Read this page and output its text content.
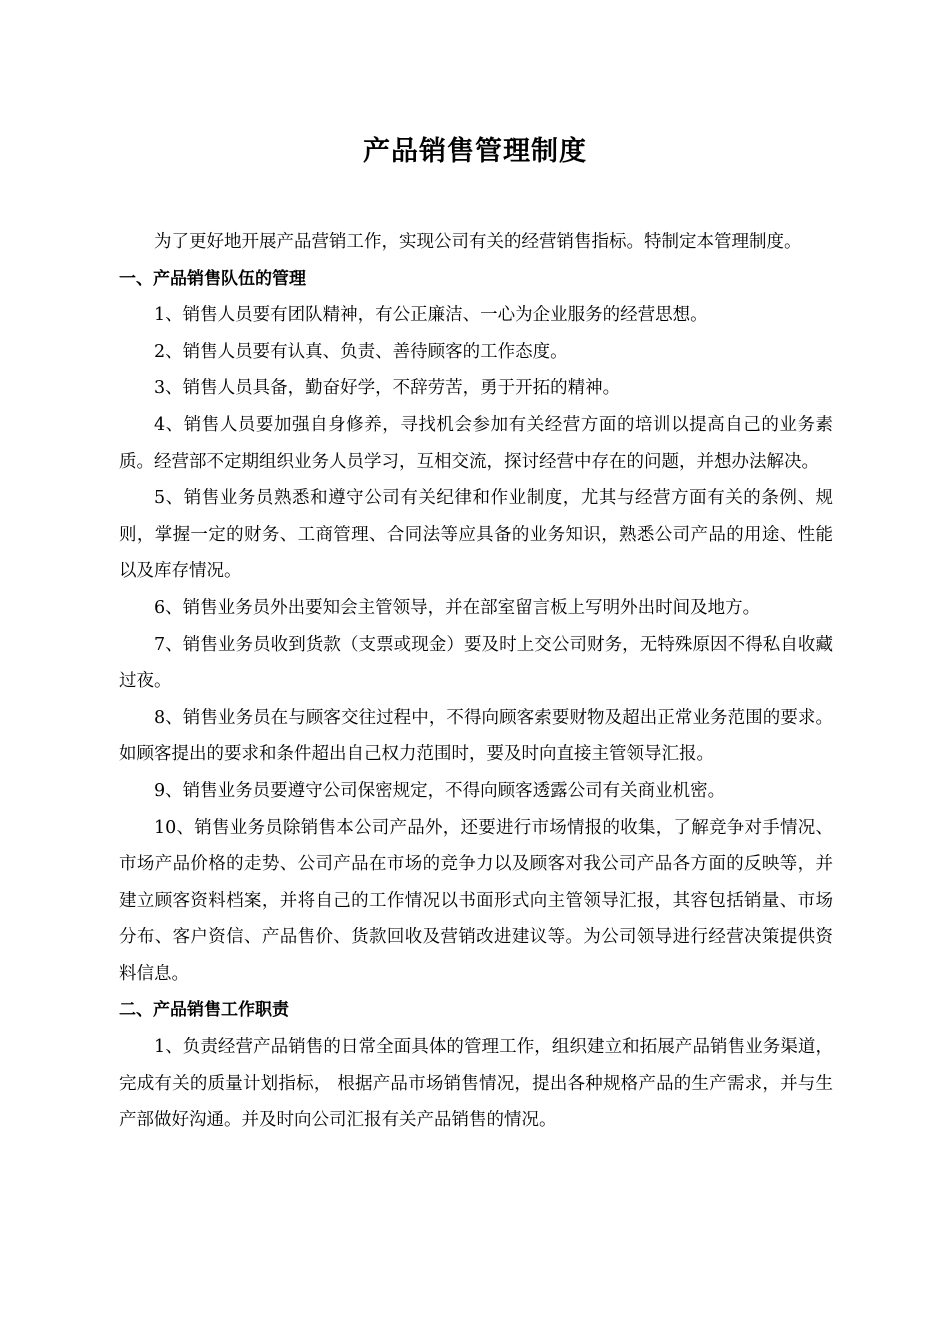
产品销售管理制度

为了更好地开展产品营销工作，实现公司有关的经营销售指标。特制定本管理制度。

一、产品销售队伍的管理

1、销售人员要有团队精神，有公正廉洁、一心为企业服务的经营思想。

2、销售人员要有认真、负责、善待顾客的工作态度。

3、销售人员具备，勤奋好学，不辞劳苦，勇于开拓的精神。

4、销售人员要加强自身修养，寻找机会参加有关经营方面的培训以提高自己的业务素质。经营部不定期组织业务人员学习，互相交流，探讨经营中存在的问题，并想办法解决。

5、销售业务员熟悉和遵守公司有关纪律和作业制度，尤其与经营方面有关的条例、规则，掌握一定的财务、工商管理、合同法等应具备的业务知识，熟悉公司产品的用途、性能以及库存情况。

6、销售业务员外出要知会主管领导，并在部室留言板上写明外出时间及地方。

7、销售业务员收到货款（支票或现金）要及时上交公司财务，无特殊原因不得私自收藏过夜。

8、销售业务员在与顾客交往过程中，不得向顾客索要财物及超出正常业务范围的要求。如顾客提出的要求和条件超出自己权力范围时，要及时向直接主管领导汇报。

9、销售业务员要遵守公司保密规定，不得向顾客透露公司有关商业机密。

10、销售业务员除销售本公司产品外，还要进行市场情报的收集，了解竞争对手情况、市场产品价格的走势、公司产品在市场的竞争力以及顾客对我公司产品各方面的反映等，并建立顾客资料档案，并将自己的工作情况以书面形式向主管领导汇报，其容包括销量、市场分布、客户资信、产品售价、货款回收及营销改进建议等。为公司领导进行经营决策提供资料信息。

二、产品销售工作职责

1、负责经营产品销售的日常全面具体的管理工作，组织建立和拓展产品销售业务渠道，完成有关的质量计划指标， 根据产品市场销售情况，提出各种规格产品的生产需求，并与生产部做好沟通。并及时向公司汇报有关产品销售的情况。
